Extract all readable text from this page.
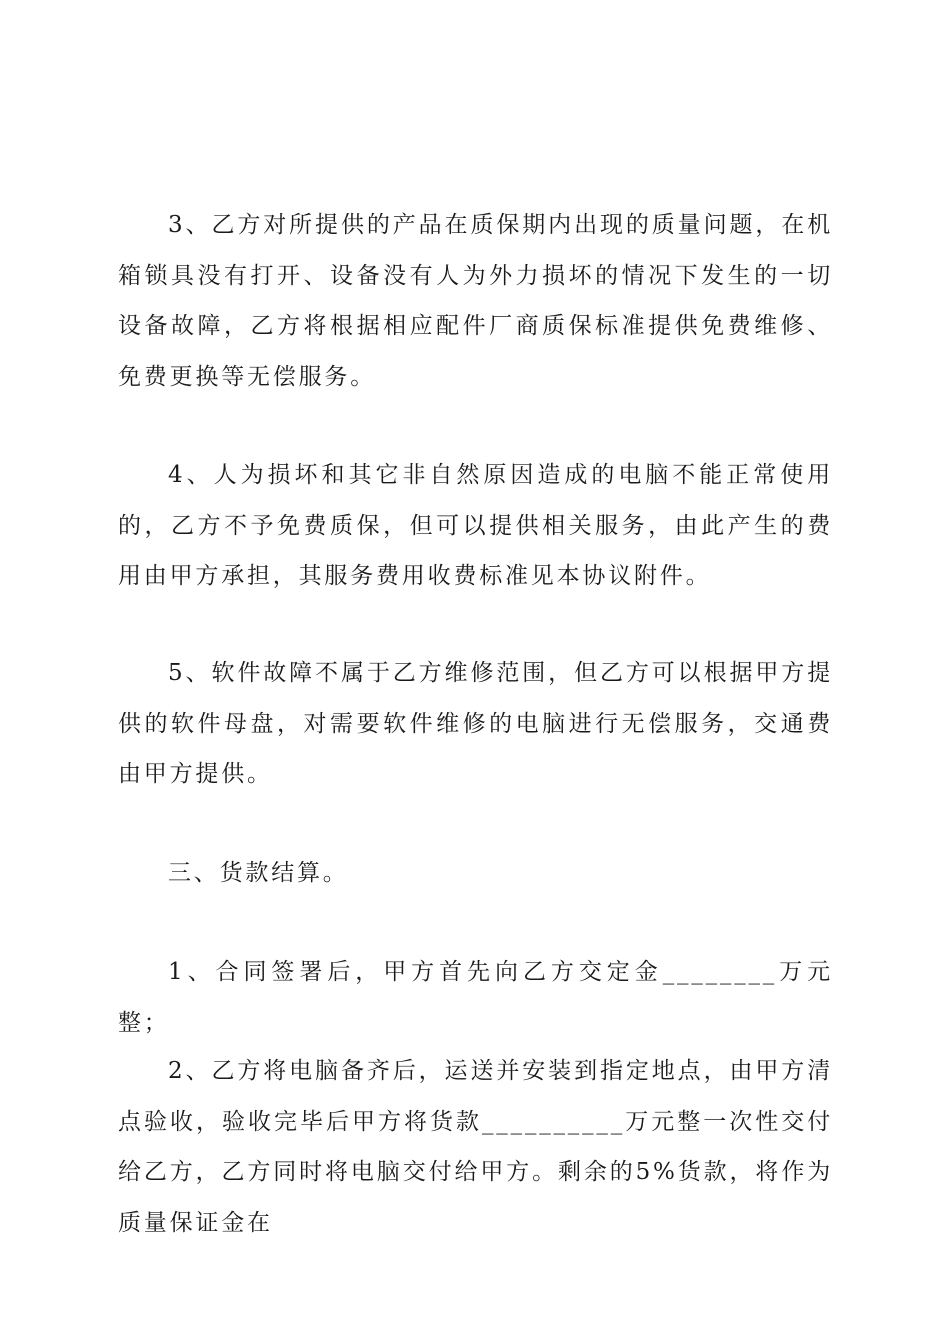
3、乙方对所提供的产品在质保期内出现的质量问题，在机箱锁具没有打开、设备没有人为外力损坏的情况下发生的一切设备故障，乙方将根据相应配件厂商质保标准提供免费维修、免费更换等无偿服务。

4、人为损坏和其它非自然原因造成的电脑不能正常使用的，乙方不予免费质保，但可以提供相关服务，由此产生的费用由甲方承担，其服务费用收费标准见本协议附件。

5、软件故障不属于乙方维修范围，但乙方可以根据甲方提供的软件母盘，对需要软件维修的电脑进行无偿服务，交通费由甲方提供。

三、货款结算。

1、合同签署后，甲方首先向乙方交定金________万元整；

2、乙方将电脑备齐后，运送并安装到指定地点，由甲方清点验收，验收完毕后甲方将货款__________万元整一次性交付给乙方，乙方同时将电脑交付给甲方。剩余的5%货款，将作为质量保证金在
